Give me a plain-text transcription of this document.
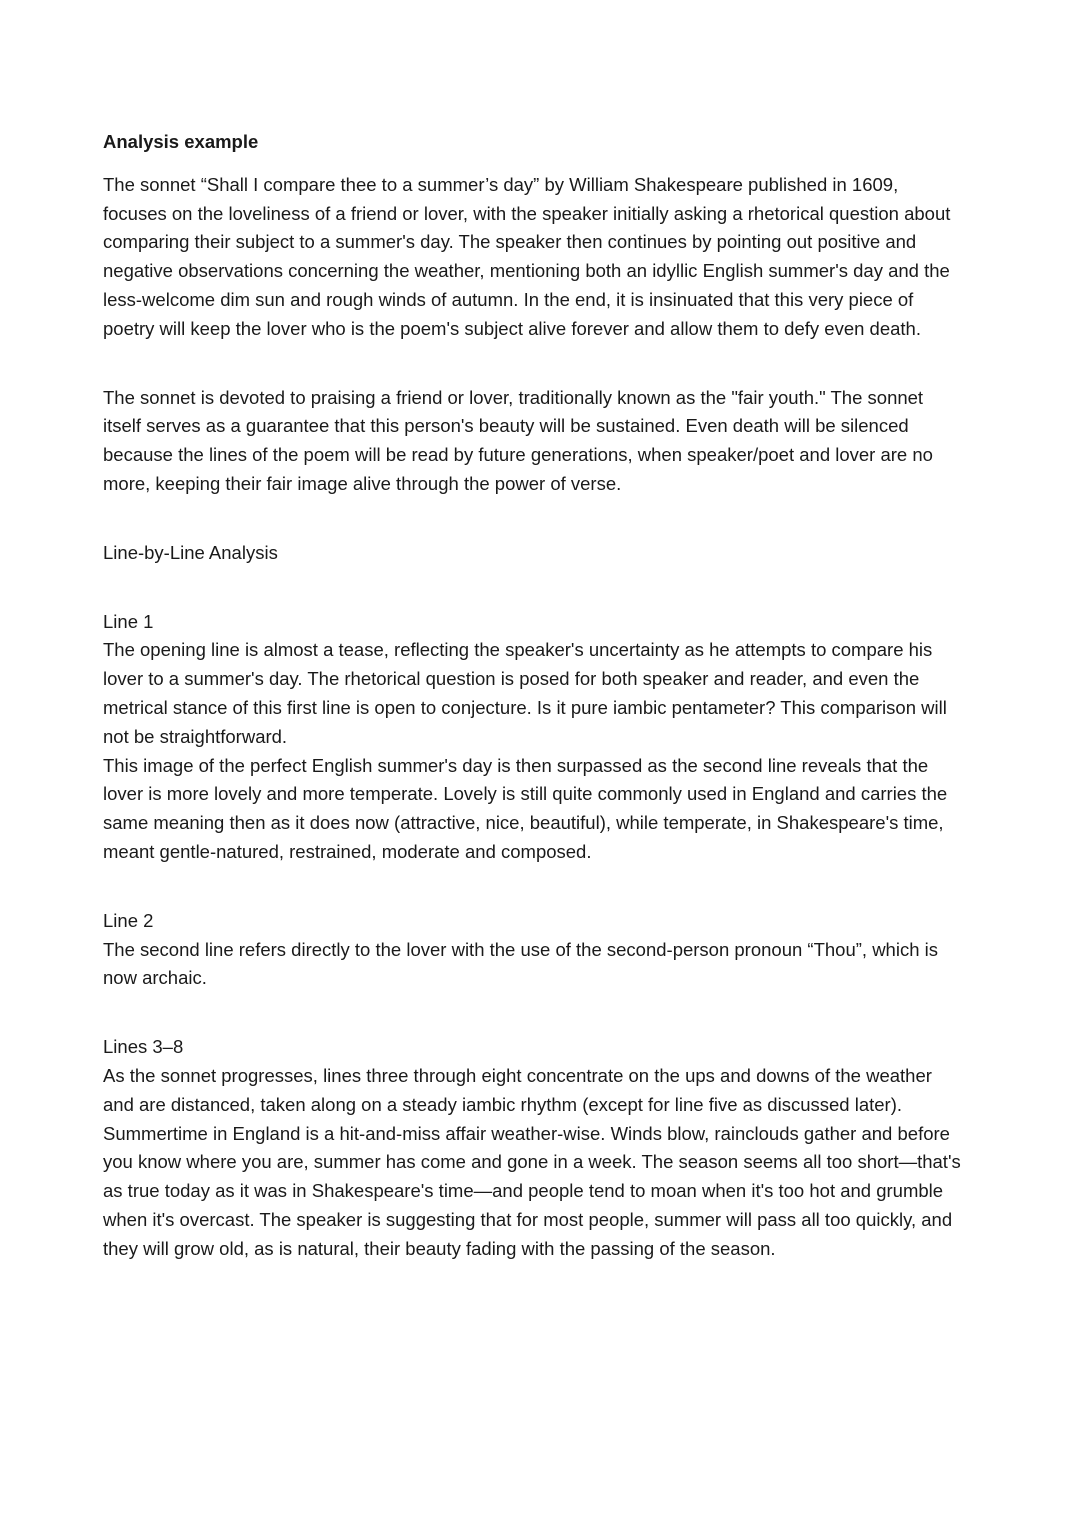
Analysis example

The sonnet “Shall I compare thee to a summer’s day” by William Shakespeare published in 1609, focuses on the loveliness of a friend or lover, with the speaker initially asking a rhetorical question about comparing their subject to a summer's day. The speaker then continues by pointing out positive and negative observations concerning the weather, mentioning both an idyllic English summer's day and the less-welcome dim sun and rough winds of autumn. In the end, it is insinuated that this very piece of poetry will keep the lover who is the poem's subject alive forever and allow them to defy even death.

The sonnet is devoted to praising a friend or lover, traditionally known as the "fair youth." The sonnet itself serves as a guarantee that this person's beauty will be sustained. Even death will be silenced because the lines of the poem will be read by future generations, when speaker/poet and lover are no more, keeping their fair image alive through the power of verse.

Line-by-Line Analysis

Line 1

The opening line is almost a tease, reflecting the speaker's uncertainty as he attempts to compare his lover to a summer's day. The rhetorical question is posed for both speaker and reader, and even the metrical stance of this first line is open to conjecture. Is it pure iambic pentameter? This comparison will not be straightforward.

This image of the perfect English summer's day is then surpassed as the second line reveals that the lover is more lovely and more temperate. Lovely is still quite commonly used in England and carries the same meaning then as it does now (attractive, nice, beautiful), while temperate, in Shakespeare's time, meant gentle-natured, restrained, moderate and composed.

Line 2

The second line refers directly to the lover with the use of the second-person pronoun “Thou”, which is now archaic.

Lines 3–8

As the sonnet progresses, lines three through eight concentrate on the ups and downs of the weather and are distanced, taken along on a steady iambic rhythm (except for line five as discussed later).

Summertime in England is a hit-and-miss affair weather-wise. Winds blow, rainclouds gather and before you know where you are, summer has come and gone in a week. The season seems all too short—that's as true today as it was in Shakespeare's time—and people tend to moan when it's too hot and grumble when it's overcast. The speaker is suggesting that for most people, summer will pass all too quickly, and they will grow old, as is natural, their beauty fading with the passing of the season.
